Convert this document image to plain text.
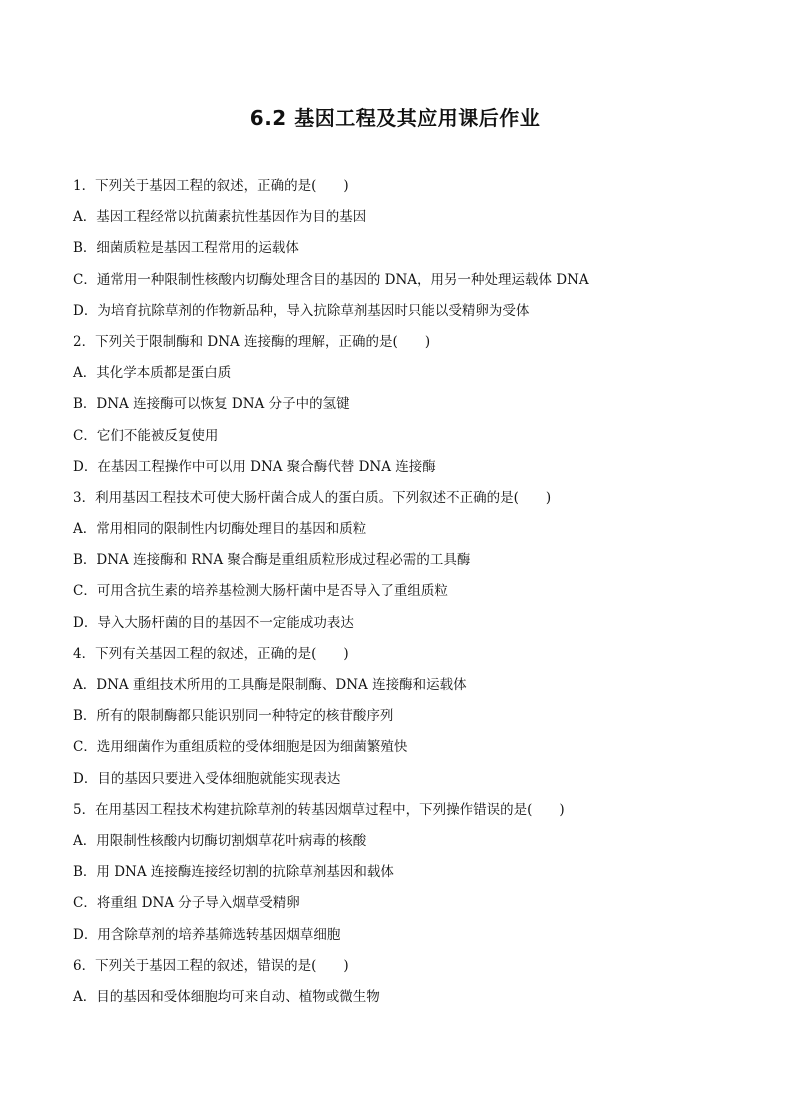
6.2 基因工程及其应用课后作业
1．下列关于基因工程的叙述，正确的是(　　)
A．基因工程经常以抗菌素抗性基因作为目的基因
B．细菌质粒是基因工程常用的运载体
C．通常用一种限制性核酸内切酶处理含目的基因的 DNA，用另一种处理运载体 DNA
D．为培育抗除草剂的作物新品种，导入抗除草剂基因时只能以受精卵为受体
2．下列关于限制酶和 DNA 连接酶的理解，正确的是(　　)
A．其化学本质都是蛋白质
B．DNA 连接酶可以恢复 DNA 分子中的氢键
C．它们不能被反复使用
D．在基因工程操作中可以用 DNA 聚合酶代替 DNA 连接酶
3．利用基因工程技术可使大肠杆菌合成人的蛋白质。下列叙述不正确的是(　　)
A．常用相同的限制性内切酶处理目的基因和质粒
B．DNA 连接酶和 RNA 聚合酶是重组质粒形成过程必需的工具酶
C．可用含抗生素的培养基检测大肠杆菌中是否导入了重组质粒
D．导入大肠杆菌的目的基因不一定能成功表达
4．下列有关基因工程的叙述，正确的是(　　)
A．DNA 重组技术所用的工具酶是限制酶、DNA 连接酶和运载体
B．所有的限制酶都只能识别同一种特定的核苷酸序列
C．选用细菌作为重组质粒的受体细胞是因为细菌繁殖快
D．目的基因只要进入受体细胞就能实现表达
5．在用基因工程技术构建抗除草剂的转基因烟草过程中，下列操作错误的是(　　)
A．用限制性核酸内切酶切割烟草花叶病毒的核酸
B．用 DNA 连接酶连接经切割的抗除草剂基因和载体
C．将重组 DNA 分子导入烟草受精卵
D．用含除草剂的培养基筛选转基因烟草细胞
6．下列关于基因工程的叙述，错误的是(　　)
A．目的基因和受体细胞均可来自动、植物或微生物
